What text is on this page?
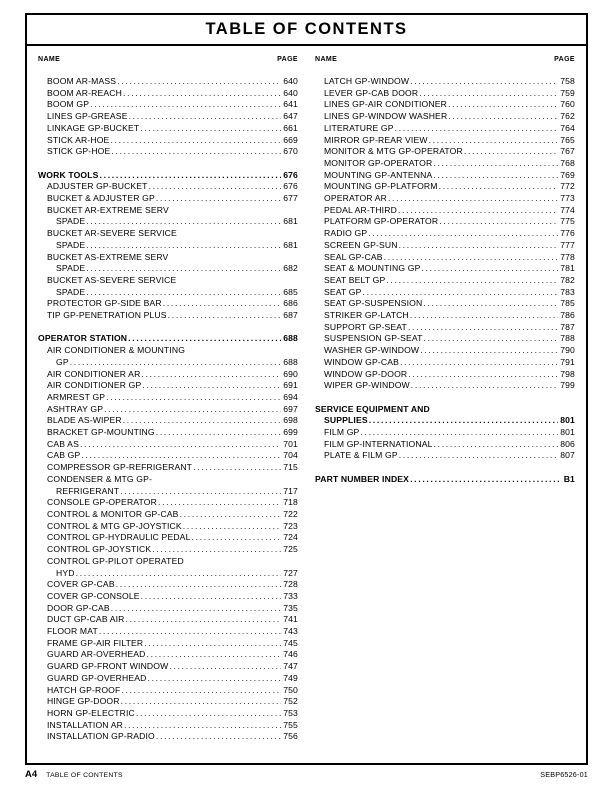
TABLE OF CONTENTS
NAME	PAGE
BOOM AR-MASS .....	640
BOOM AR-REACH .....	640
BOOM GP .....	641
LINES GP-GREASE .....	647
LINKAGE GP-BUCKET .....	661
STICK AR-HOE .....	669
STICK GP-HOE .....	670
WORK TOOLS .....	676
ADJUSTER GP-BUCKET .....	676
BUCKET & ADJUSTER GP .....	677
BUCKET AR-EXTREME SERV
SPADE .....	681
BUCKET AR-SEVERE SERVICE
SPADE .....	681
BUCKET AS-EXTREME SERV
SPADE .....	682
BUCKET AS-SEVERE SERVICE
SPADE .....	685
PROTECTOR GP-SIDE BAR .....	686
TIP GP-PENETRATION PLUS .....	687
OPERATOR STATION .....	688
AIR CONDITIONER & MOUNTING
GP .....	688
AIR CONDITIONER AR .....	690
AIR CONDITIONER GP .....	691
ARMREST GP .....	694
ASHTRAY GP .....	697
BLADE AS-WIPER .....	698
BRACKET GP-MOUNTING .....	699
CAB AS .....	701
CAB GP .....	704
COMPRESSOR GP-REFRIGERANT .....	715
CONDENSER & MTG GP-
REFRIGERANT .....	717
CONSOLE GP-OPERATOR .....	718
CONTROL & MONITOR GP-CAB .....	722
CONTROL & MTG GP-JOYSTICK .....	723
CONTROL GP-HYDRAULIC PEDAL .....	724
CONTROL GP-JOYSTICK .....	725
CONTROL GP-PILOT OPERATED
HYD .....	727
COVER GP-CAB .....	728
COVER GP-CONSOLE .....	733
DOOR GP-CAB .....	735
DUCT GP-CAB AIR .....	741
FLOOR MAT .....	743
FRAME GP-AIR FILTER .....	745
GUARD AR-OVERHEAD .....	746
GUARD GP-FRONT WINDOW .....	747
GUARD GP-OVERHEAD .....	749
HATCH GP-ROOF .....	750
HINGE GP-DOOR .....	752
HORN GP-ELECTRIC .....	753
INSTALLATION AR .....	755
INSTALLATION GP-RADIO .....	756
NAME	PAGE
LATCH GP-WINDOW .....	758
LEVER GP-CAB DOOR .....	759
LINES GP-AIR CONDITIONER .....	760
LINES GP-WINDOW WASHER .....	762
LITERATURE GP .....	764
MIRROR GP-REAR VIEW .....	765
MONITOR & MTG GP-OPERATOR .....	767
MONITOR GP-OPERATOR .....	768
MOUNTING GP-ANTENNA .....	769
MOUNTING GP-PLATFORM .....	772
OPERATOR AR .....	773
PEDAL AR-THIRD .....	774
PLATFORM GP-OPERATOR .....	775
RADIO GP .....	776
SCREEN GP-SUN .....	777
SEAL GP-CAB .....	778
SEAT & MOUNTING GP .....	781
SEAT BELT GP .....	782
SEAT GP .....	783
SEAT GP-SUSPENSION .....	785
STRIKER GP-LATCH .....	786
SUPPORT GP-SEAT .....	787
SUSPENSION GP-SEAT .....	788
WASHER GP-WINDOW .....	790
WINDOW GP-CAB .....	791
WINDOW GP-DOOR .....	798
WIPER GP-WINDOW .....	799
SERVICE EQUIPMENT AND
SUPPLIES .....	801
FILM GP .....	801
FILM GP-INTERNATIONAL .....	806
PLATE & FILM GP .....	807
PART NUMBER INDEX .....	B1
A4 TABLE OF CONTENTS	SEBP6526-01
